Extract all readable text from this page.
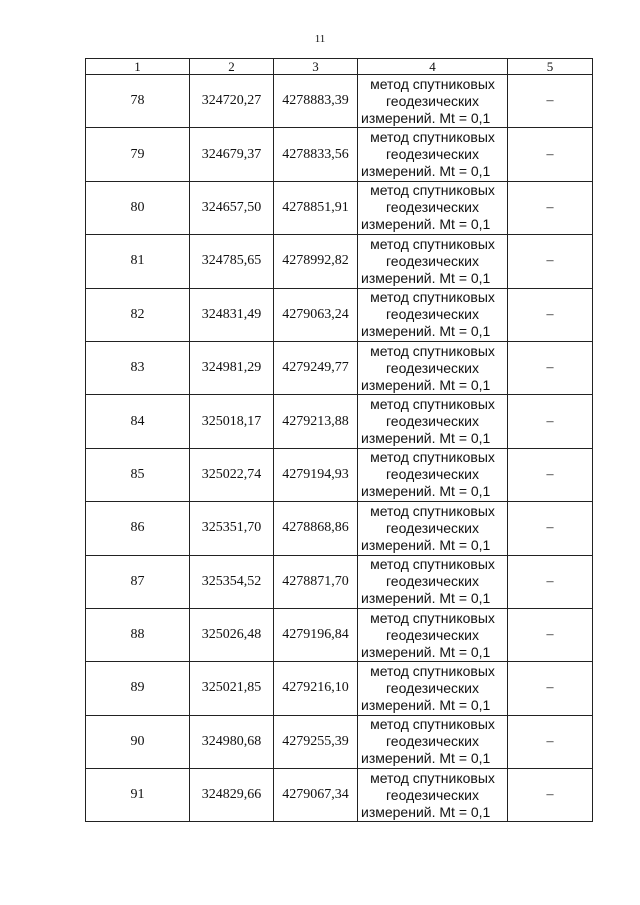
11
1	2	3	4	5
78	324720,27	4278883,39	метод спутниковых
геодезических
измерений. Mt = 0,1	–
79	324679,37	4278833,56	метод спутниковых
геодезических
измерений. Mt = 0,1	–
80	324657,50	4278851,91	метод спутниковых
геодезических
измерений. Mt = 0,1	–
81	324785,65	4278992,82	метод спутниковых
геодезических
измерений. Mt = 0,1	–
82	324831,49	4279063,24	метод спутниковых
геодезических
измерений. Mt = 0,1	–
83	324981,29	4279249,77	метод спутниковых
геодезических
измерений. Mt = 0,1	–
84	325018,17	4279213,88	метод спутниковых
геодезических
измерений. Mt = 0,1	–
85	325022,74	4279194,93	метод спутниковых
геодезических
измерений. Mt = 0,1	–
86	325351,70	4278868,86	метод спутниковых
геодезических
измерений. Mt = 0,1	–
87	325354,52	4278871,70	метод спутниковых
геодезических
измерений. Mt = 0,1	–
88	325026,48	4279196,84	метод спутниковых
геодезических
измерений. Mt = 0,1	–
89	325021,85	4279216,10	метод спутниковых
геодезических
измерений. Mt = 0,1	–
90	324980,68	4279255,39	метод спутниковых
геодезических
измерений. Mt = 0,1	–
91	324829,66	4279067,34	метод спутниковых
геодезических
измерений. Mt = 0,1	–
